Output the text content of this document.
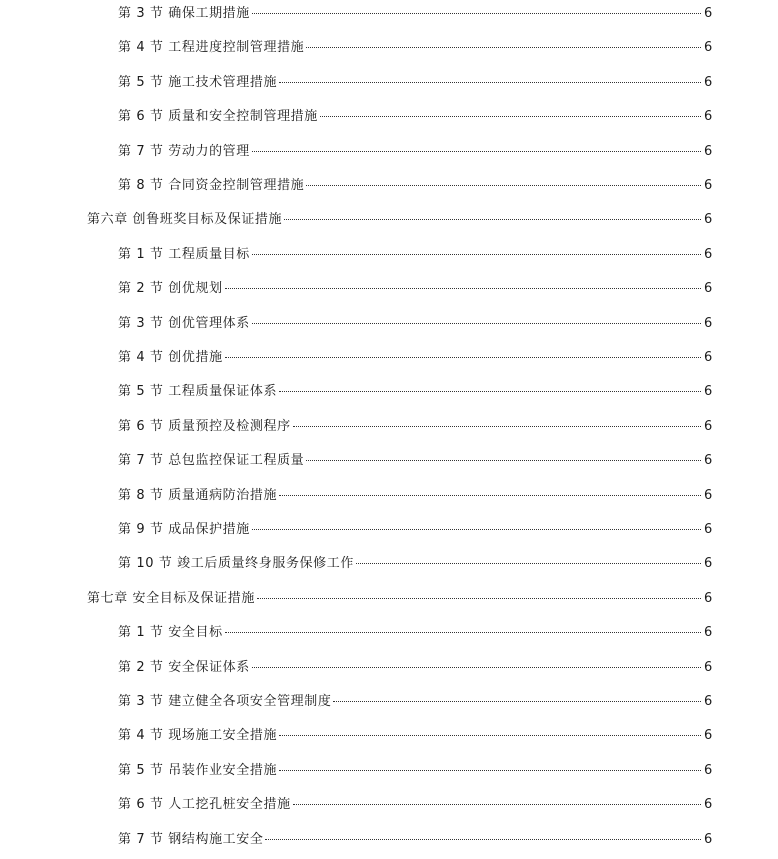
第 3 节 确保工期措施	6
第 4 节 工程进度控制管理措施	6
第 5 节 施工技术管理措施	6
第 6 节 质量和安全控制管理措施	6
第 7 节 劳动力的管理	6
第 8 节 合同资金控制管理措施	6
第六章 创鲁班奖目标及保证措施	6
第 1 节 工程质量目标	6
第 2 节 创优规划	6
第 3 节 创优管理体系	6
第 4 节 创优措施	6
第 5 节 工程质量保证体系	6
第 6 节 质量预控及检测程序	6
第 7 节 总包监控保证工程质量	6
第 8 节 质量通病防治措施	6
第 9 节 成品保护措施	6
第 10 节 竣工后质量终身服务保修工作	6
第七章 安全目标及保证措施	6
第 1 节 安全目标	6
第 2 节 安全保证体系	6
第 3 节 建立健全各项安全管理制度	6
第 4 节 现场施工安全措施	6
第 5 节 吊装作业安全措施	6
第 6 节 人工挖孔桩安全措施	6
第 7 节 钢结构施工安全	6
